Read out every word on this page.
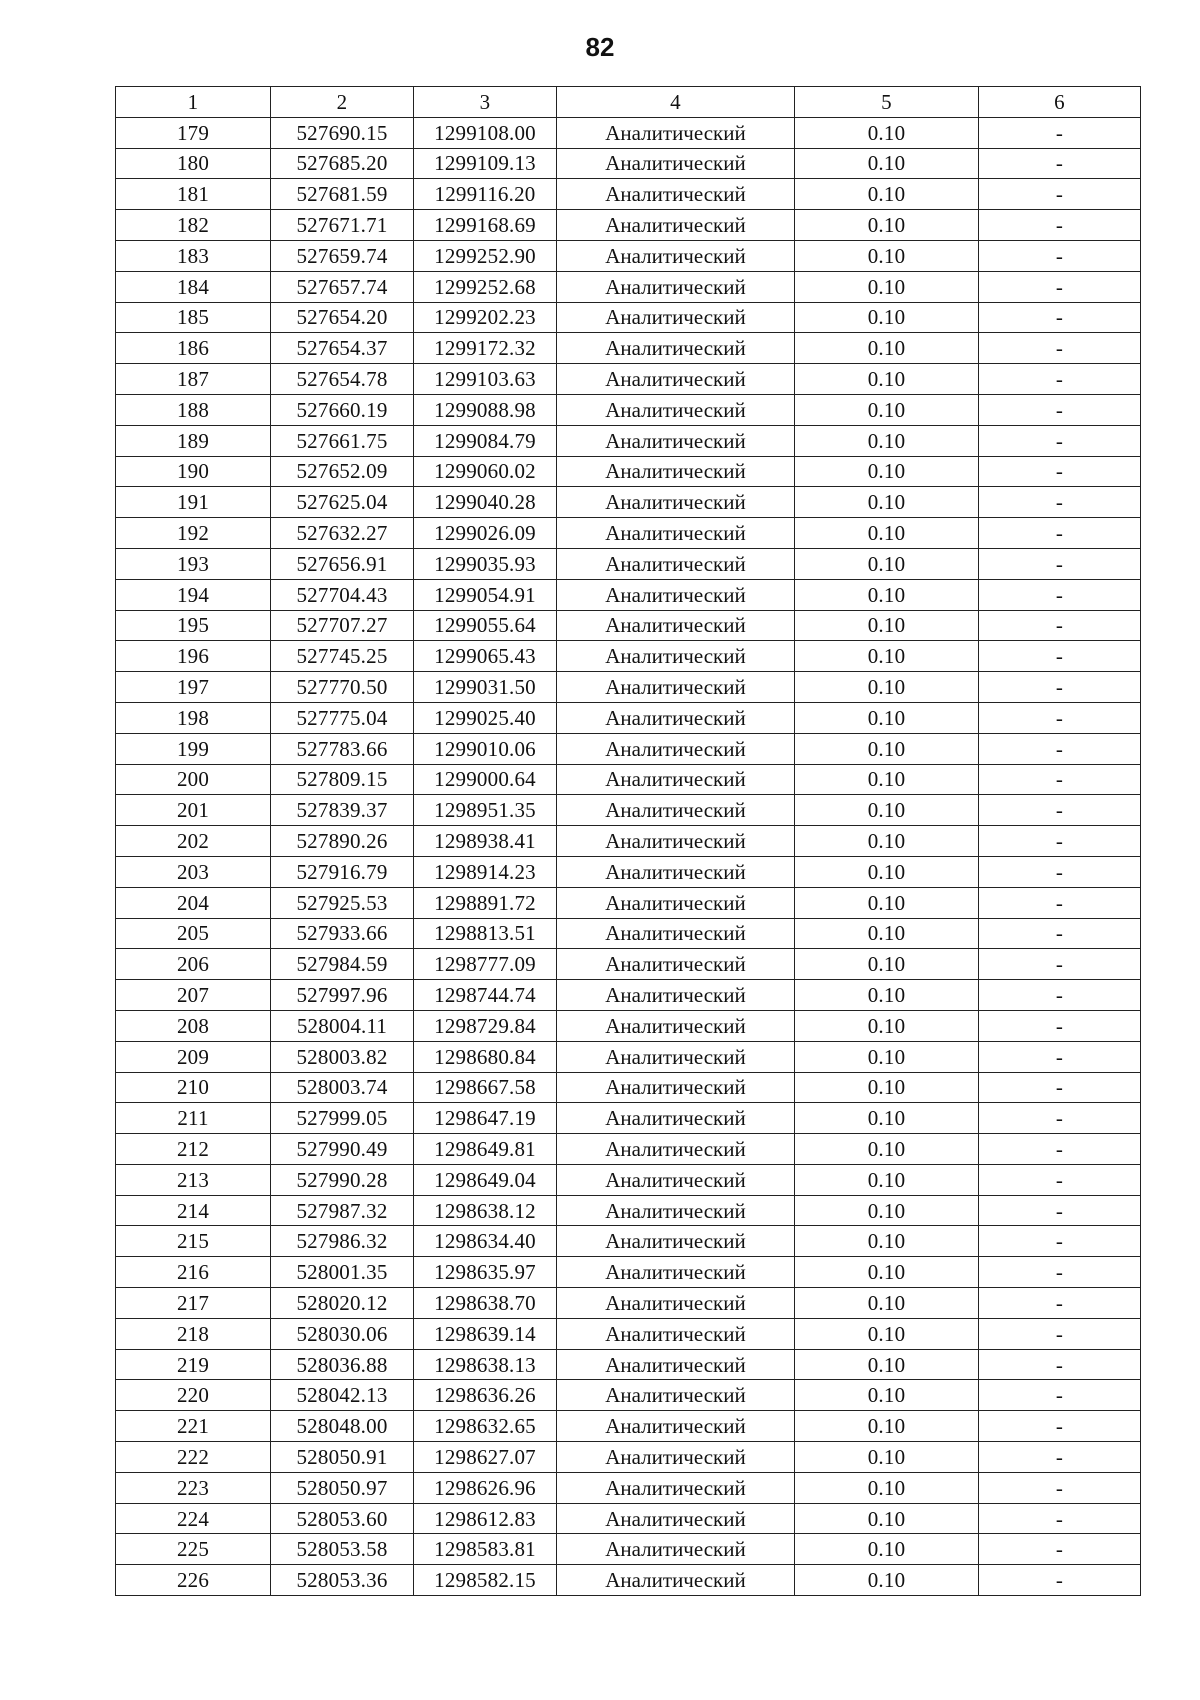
82
1	2	3	4	5	6
179	527690.15	1299108.00	Аналитический	0.10	-
180	527685.20	1299109.13	Аналитический	0.10	-
181	527681.59	1299116.20	Аналитический	0.10	-
182	527671.71	1299168.69	Аналитический	0.10	-
183	527659.74	1299252.90	Аналитический	0.10	-
184	527657.74	1299252.68	Аналитический	0.10	-
185	527654.20	1299202.23	Аналитический	0.10	-
186	527654.37	1299172.32	Аналитический	0.10	-
187	527654.78	1299103.63	Аналитический	0.10	-
188	527660.19	1299088.98	Аналитический	0.10	-
189	527661.75	1299084.79	Аналитический	0.10	-
190	527652.09	1299060.02	Аналитический	0.10	-
191	527625.04	1299040.28	Аналитический	0.10	-
192	527632.27	1299026.09	Аналитический	0.10	-
193	527656.91	1299035.93	Аналитический	0.10	-
194	527704.43	1299054.91	Аналитический	0.10	-
195	527707.27	1299055.64	Аналитический	0.10	-
196	527745.25	1299065.43	Аналитический	0.10	-
197	527770.50	1299031.50	Аналитический	0.10	-
198	527775.04	1299025.40	Аналитический	0.10	-
199	527783.66	1299010.06	Аналитический	0.10	-
200	527809.15	1299000.64	Аналитический	0.10	-
201	527839.37	1298951.35	Аналитический	0.10	-
202	527890.26	1298938.41	Аналитический	0.10	-
203	527916.79	1298914.23	Аналитический	0.10	-
204	527925.53	1298891.72	Аналитический	0.10	-
205	527933.66	1298813.51	Аналитический	0.10	-
206	527984.59	1298777.09	Аналитический	0.10	-
207	527997.96	1298744.74	Аналитический	0.10	-
208	528004.11	1298729.84	Аналитический	0.10	-
209	528003.82	1298680.84	Аналитический	0.10	-
210	528003.74	1298667.58	Аналитический	0.10	-
211	527999.05	1298647.19	Аналитический	0.10	-
212	527990.49	1298649.81	Аналитический	0.10	-
213	527990.28	1298649.04	Аналитический	0.10	-
214	527987.32	1298638.12	Аналитический	0.10	-
215	527986.32	1298634.40	Аналитический	0.10	-
216	528001.35	1298635.97	Аналитический	0.10	-
217	528020.12	1298638.70	Аналитический	0.10	-
218	528030.06	1298639.14	Аналитический	0.10	-
219	528036.88	1298638.13	Аналитический	0.10	-
220	528042.13	1298636.26	Аналитический	0.10	-
221	528048.00	1298632.65	Аналитический	0.10	-
222	528050.91	1298627.07	Аналитический	0.10	-
223	528050.97	1298626.96	Аналитический	0.10	-
224	528053.60	1298612.83	Аналитический	0.10	-
225	528053.58	1298583.81	Аналитический	0.10	-
226	528053.36	1298582.15	Аналитический	0.10	-
